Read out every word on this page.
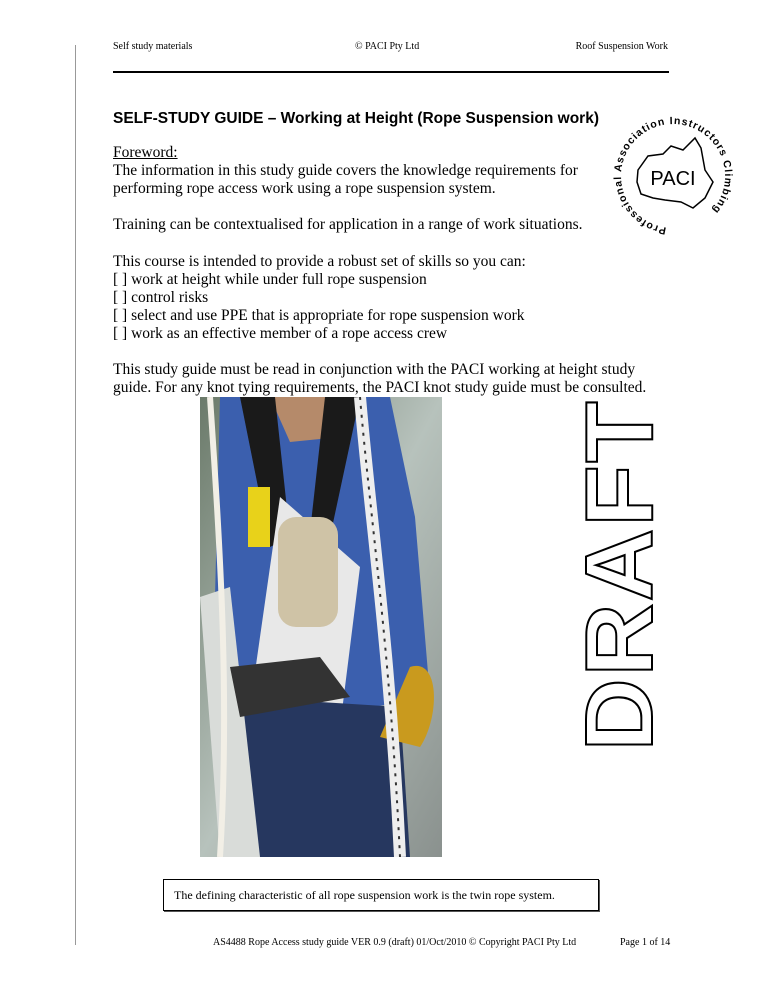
Self study materials	© PACI Pty Ltd	Roof Suspension Work
SELF-STUDY GUIDE – Working at Height (Rope Suspension work)
Foreword:
The information in this study guide covers the knowledge requirements for performing rope access work using a rope suspension system.
Training can be contextualised for application in a range of work situations.
This course is intended to provide a robust set of skills so you can:
[ ] work at height while under full rope suspension
[ ] control risks
[ ] select and use PPE that is appropriate for rope suspension work
[ ] work as an effective member of a rope access crew
This study guide must be read in conjunction with the PACI working at height study guide. For any knot tying requirements, the PACI knot study guide must be consulted.
PACI
Professional Association Instructors Climbing
DRAFT
The defining characteristic of all rope suspension work is the twin rope system.
AS4488 Rope Access study guide VER 0.9 (draft) 01/Oct/2010 © Copyright PACI Pty Ltd	Page 1 of 14
